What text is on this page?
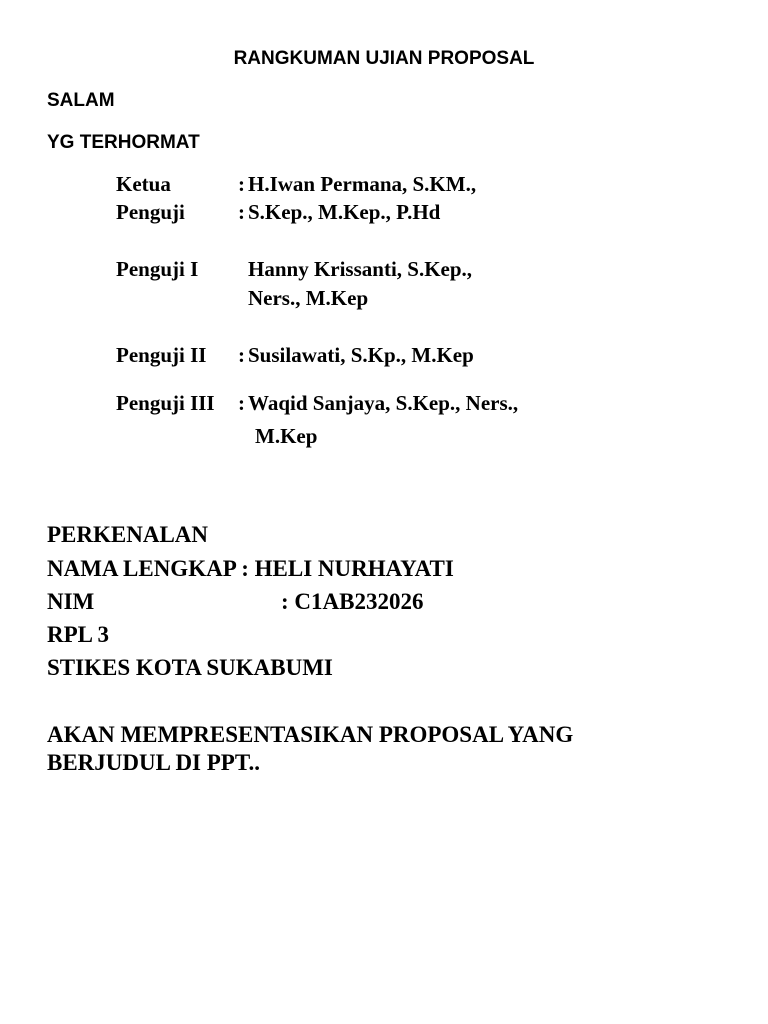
RANGKUMAN UJIAN PROPOSAL
SALAM
YG TERHORMAT
Ketua	: H.Iwan Permana, S.KM.,
Penguji	: S.Kep., M.Kep., P.Hd
Penguji I Hanny Krissanti, S.Kep.,
Ners., M.Kep
Penguji II : Susilawati, S.Kp., M.Kep
Penguji III : Waqid Sanjaya, S.Kep., Ners.,
M.Kep
PERKENALAN
NAMA LENGKAP : HELI NURHAYATI
NIM	: C1AB232026
RPL 3
STIKES KOTA SUKABUMI
AKAN MEMPRESENTASIKAN PROPOSAL YANG
BERJUDUL DI PPT..
